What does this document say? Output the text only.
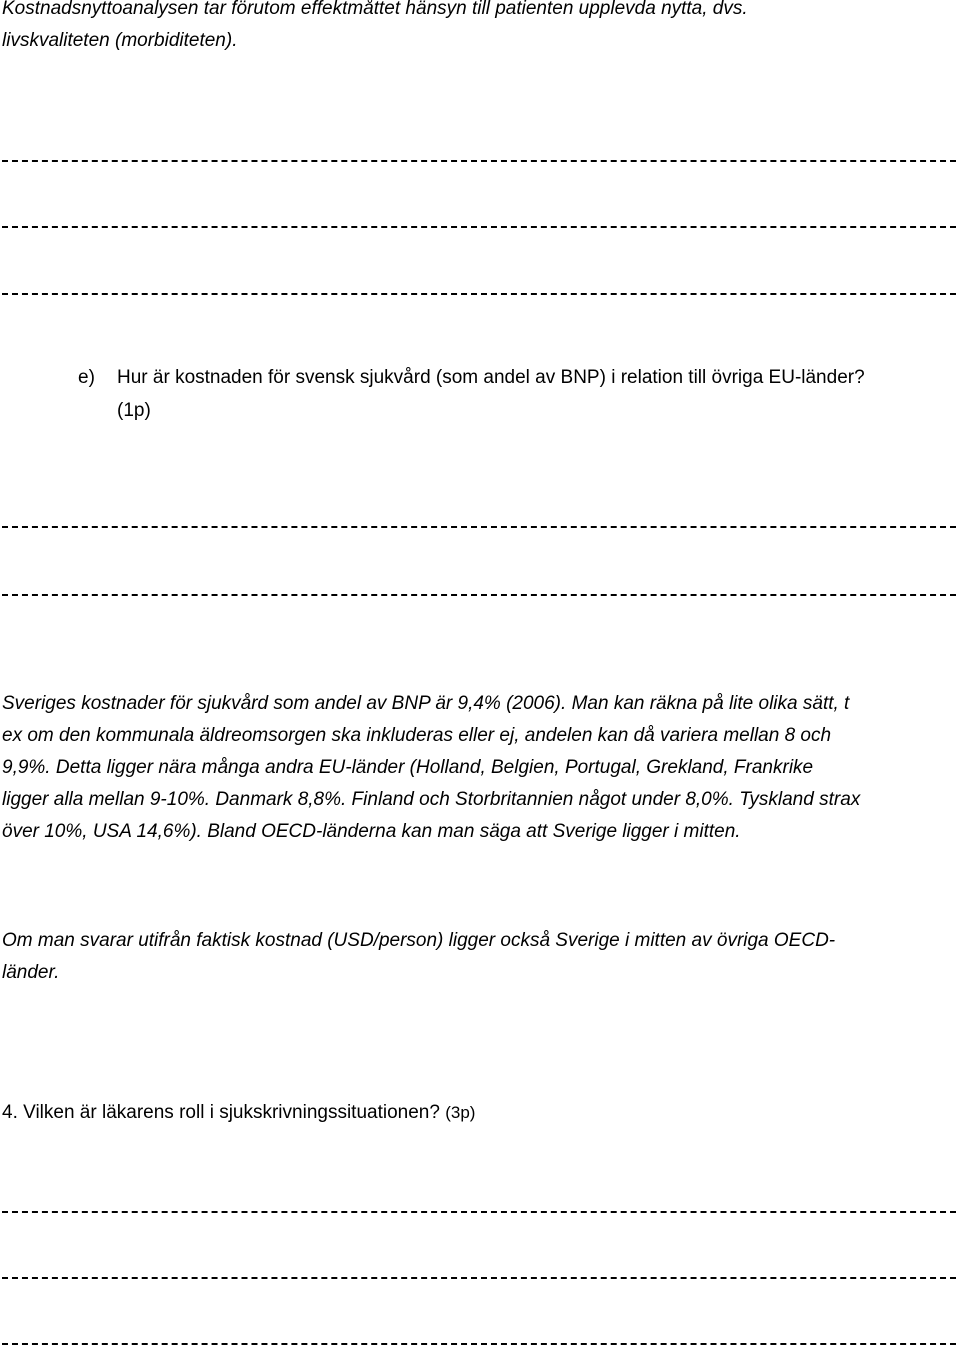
Kostnadsnyttoanalysen tar förutom effektmåttet hänsyn till patienten upplevda nytta, dvs.
livskvaliteten (morbiditeten).
e) Hur är kostnaden för svensk sjukvård (som andel av BNP) i relation till övriga EU-länder?
(1p)
Sveriges kostnader för sjukvård som andel av BNP är 9,4% (2006). Man kan räkna på lite olika sätt, t
ex om den kommunala äldreomsorgen ska inkluderas eller ej, andelen kan då variera mellan 8 och
9,9%. Detta ligger nära många andra EU-länder (Holland, Belgien, Portugal, Grekland, Frankrike
ligger alla mellan 9-10%. Danmark 8,8%. Finland och Storbritannien något under 8,0%. Tyskland strax
över 10%, USA 14,6%). Bland OECD-länderna kan man säga att Sverige ligger i mitten.
Om man svarar utifrån faktisk kostnad (USD/person) ligger också Sverige i mitten av övriga OECD-
länder.
4. Vilken är läkarens roll i sjukskrivningssituationen? (3p)
